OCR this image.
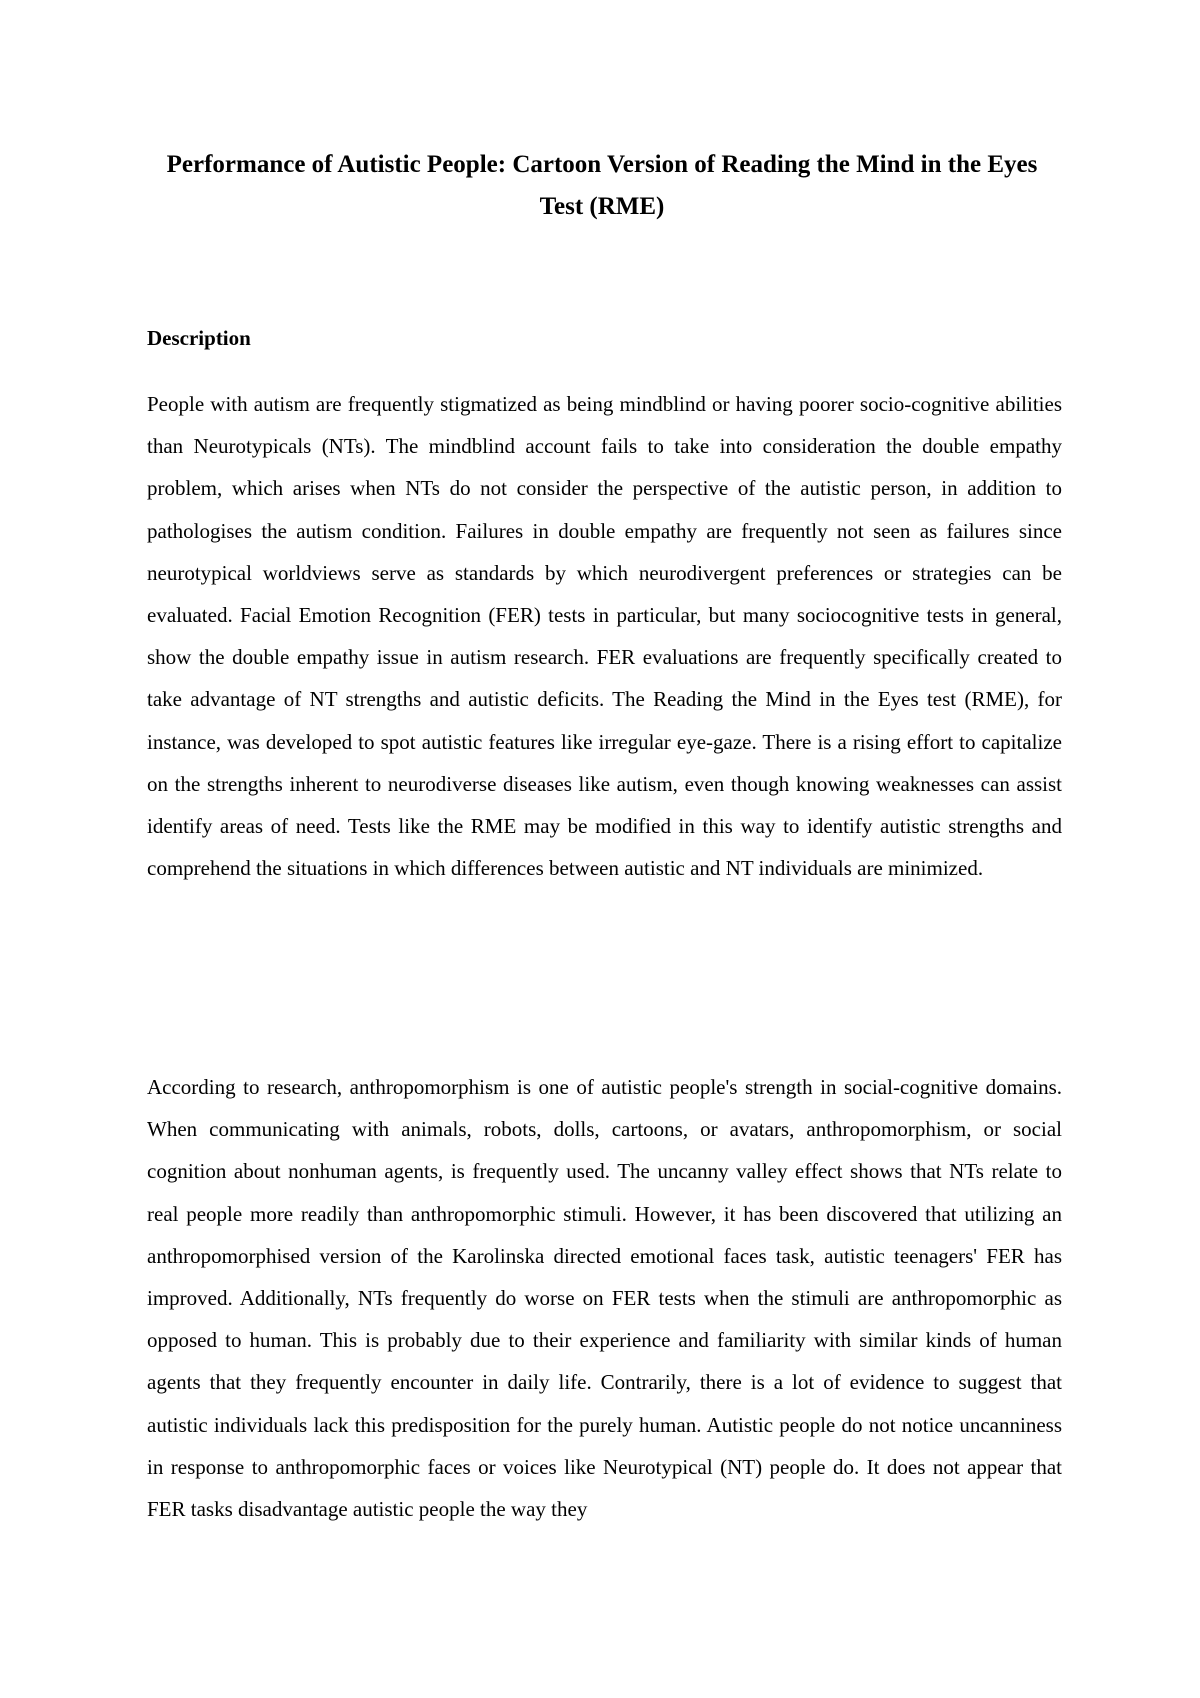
Performance of Autistic People: Cartoon Version of Reading the Mind in the Eyes Test (RME)
Description

People with autism are frequently stigmatized as being mindblind or having poorer socio-cognitive abilities than Neurotypicals (NTs). The mindblind account fails to take into consideration the double empathy problem, which arises when NTs do not consider the perspective of the autistic person, in addition to pathologises the autism condition. Failures in double empathy are frequently not seen as failures since neurotypical worldviews serve as standards by which neurodivergent preferences or strategies can be evaluated. Facial Emotion Recognition (FER) tests in particular, but many sociocognitive tests in general, show the double empathy issue in autism research. FER evaluations are frequently specifically created to take advantage of NT strengths and autistic deficits. The Reading the Mind in the Eyes test (RME), for instance, was developed to spot autistic features like irregular eye-gaze. There is a rising effort to capitalize on the strengths inherent to neurodiverse diseases like autism, even though knowing weaknesses can assist identify areas of need. Tests like the RME may be modified in this way to identify autistic strengths and comprehend the situations in which differences between autistic and NT individuals are minimized.

According to research, anthropomorphism is one of autistic people's strength in social-cognitive domains. When communicating with animals, robots, dolls, cartoons, or avatars, anthropomorphism, or social cognition about nonhuman agents, is frequently used. The uncanny valley effect shows that NTs relate to real people more readily than anthropomorphic stimuli. However, it has been discovered that utilizing an anthropomorphised version of the Karolinska directed emotional faces task, autistic teenagers' FER has improved. Additionally, NTs frequently do worse on FER tests when the stimuli are anthropomorphic as opposed to human. This is probably due to their experience and familiarity with similar kinds of human agents that they frequently encounter in daily life. Contrarily, there is a lot of evidence to suggest that autistic individuals lack this predisposition for the purely human. Autistic people do not notice uncanniness in response to anthropomorphic faces or voices like Neurotypical (NT) people do. It does not appear that FER tasks disadvantage autistic people the way they
